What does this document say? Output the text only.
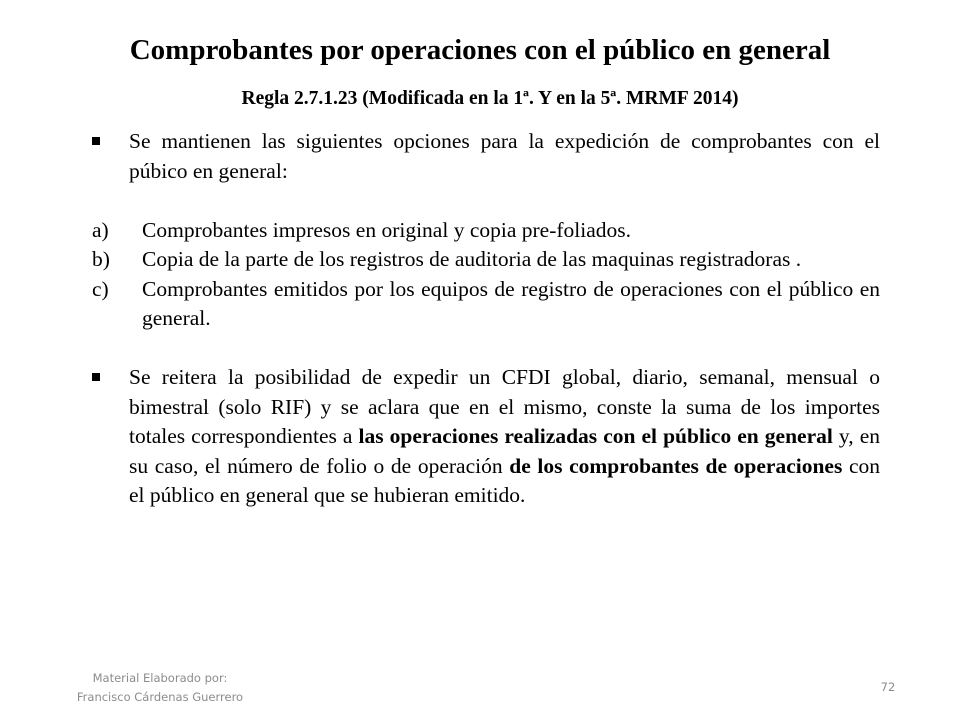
Comprobantes por operaciones con el público en general
Regla 2.7.1.23 (Modificada en la 1ª. Y en la 5ª. MRMF 2014)
Se mantienen las siguientes opciones para la expedición de comprobantes con el púbico en general:
a) Comprobantes impresos en original y copia pre-foliados.
b) Copia de la parte de los registros de auditoria de las maquinas registradoras .
c) Comprobantes emitidos por los equipos de registro de operaciones con el público en general.
Se reitera la posibilidad de expedir un CFDI global, diario, semanal, mensual o bimestral (solo RIF) y se aclara que en el mismo, conste la suma de los importes totales correspondientes a las operaciones realizadas con el público en general y, en su caso, el número de folio o de operación de los comprobantes de operaciones con el público en general que se hubieran emitido.
Material Elaborado por:
Francisco Cárdenas Guerrero
72
